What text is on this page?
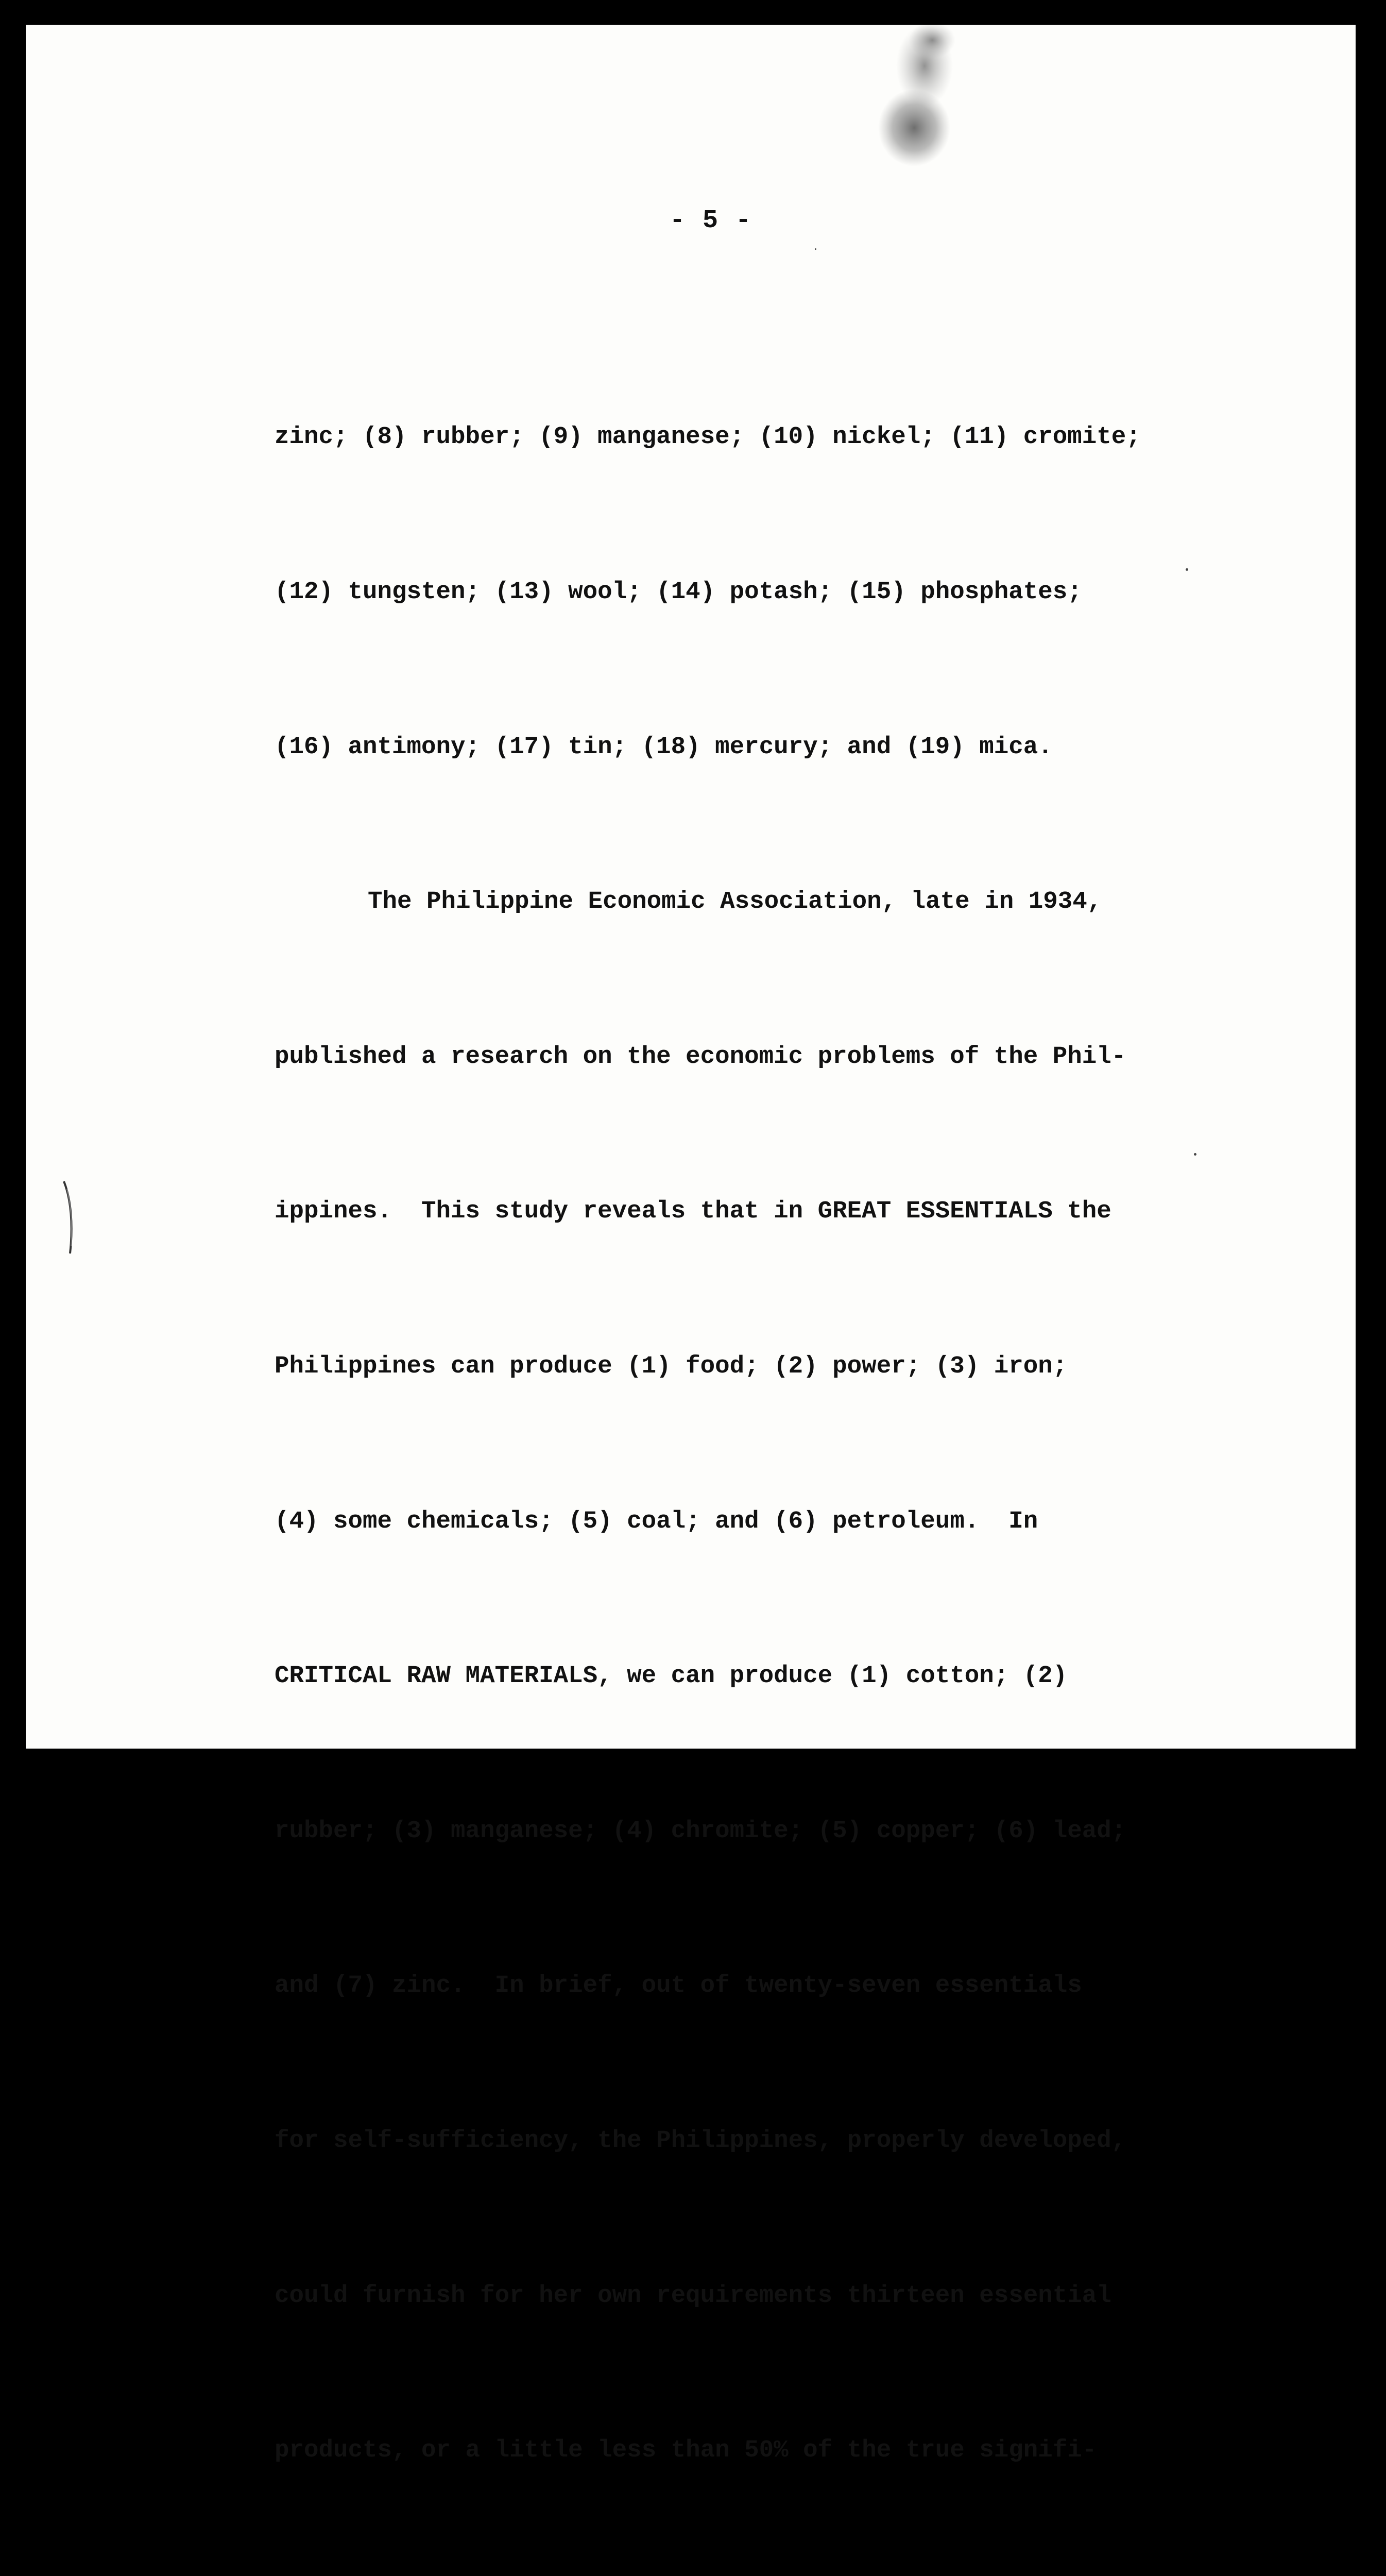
- 5 -

zinc; (8) rubber; (9) manganese; (10) nickel; (11) cromite;

(12) tungsten; (13) wool; (14) potash; (15) phosphates;

(16) antimony; (17) tin; (18) mercury; and (19) mica.

The Philippine Economic Association, late in 1934,

published a research on the economic problems of the Phil-

ippines.  This study reveals that in GREAT ESSENTIALS the

Philippines can produce (1) food; (2) power; (3) iron;

(4) some chemicals; (5) coal; and (6) petroleum.  In

CRITICAL RAW MATERIALS, we can produce (1) cotton; (2)

rubber; (3) manganese; (4) chromite; (5) copper; (6) lead;

and (7) zinc.  In brief, out of twenty-seven essentials

for self-sufficiency, the Philippines, properly developed,

could furnish for her own requirements thirteen essential

products, or a little less than 50% of the true signifi-
